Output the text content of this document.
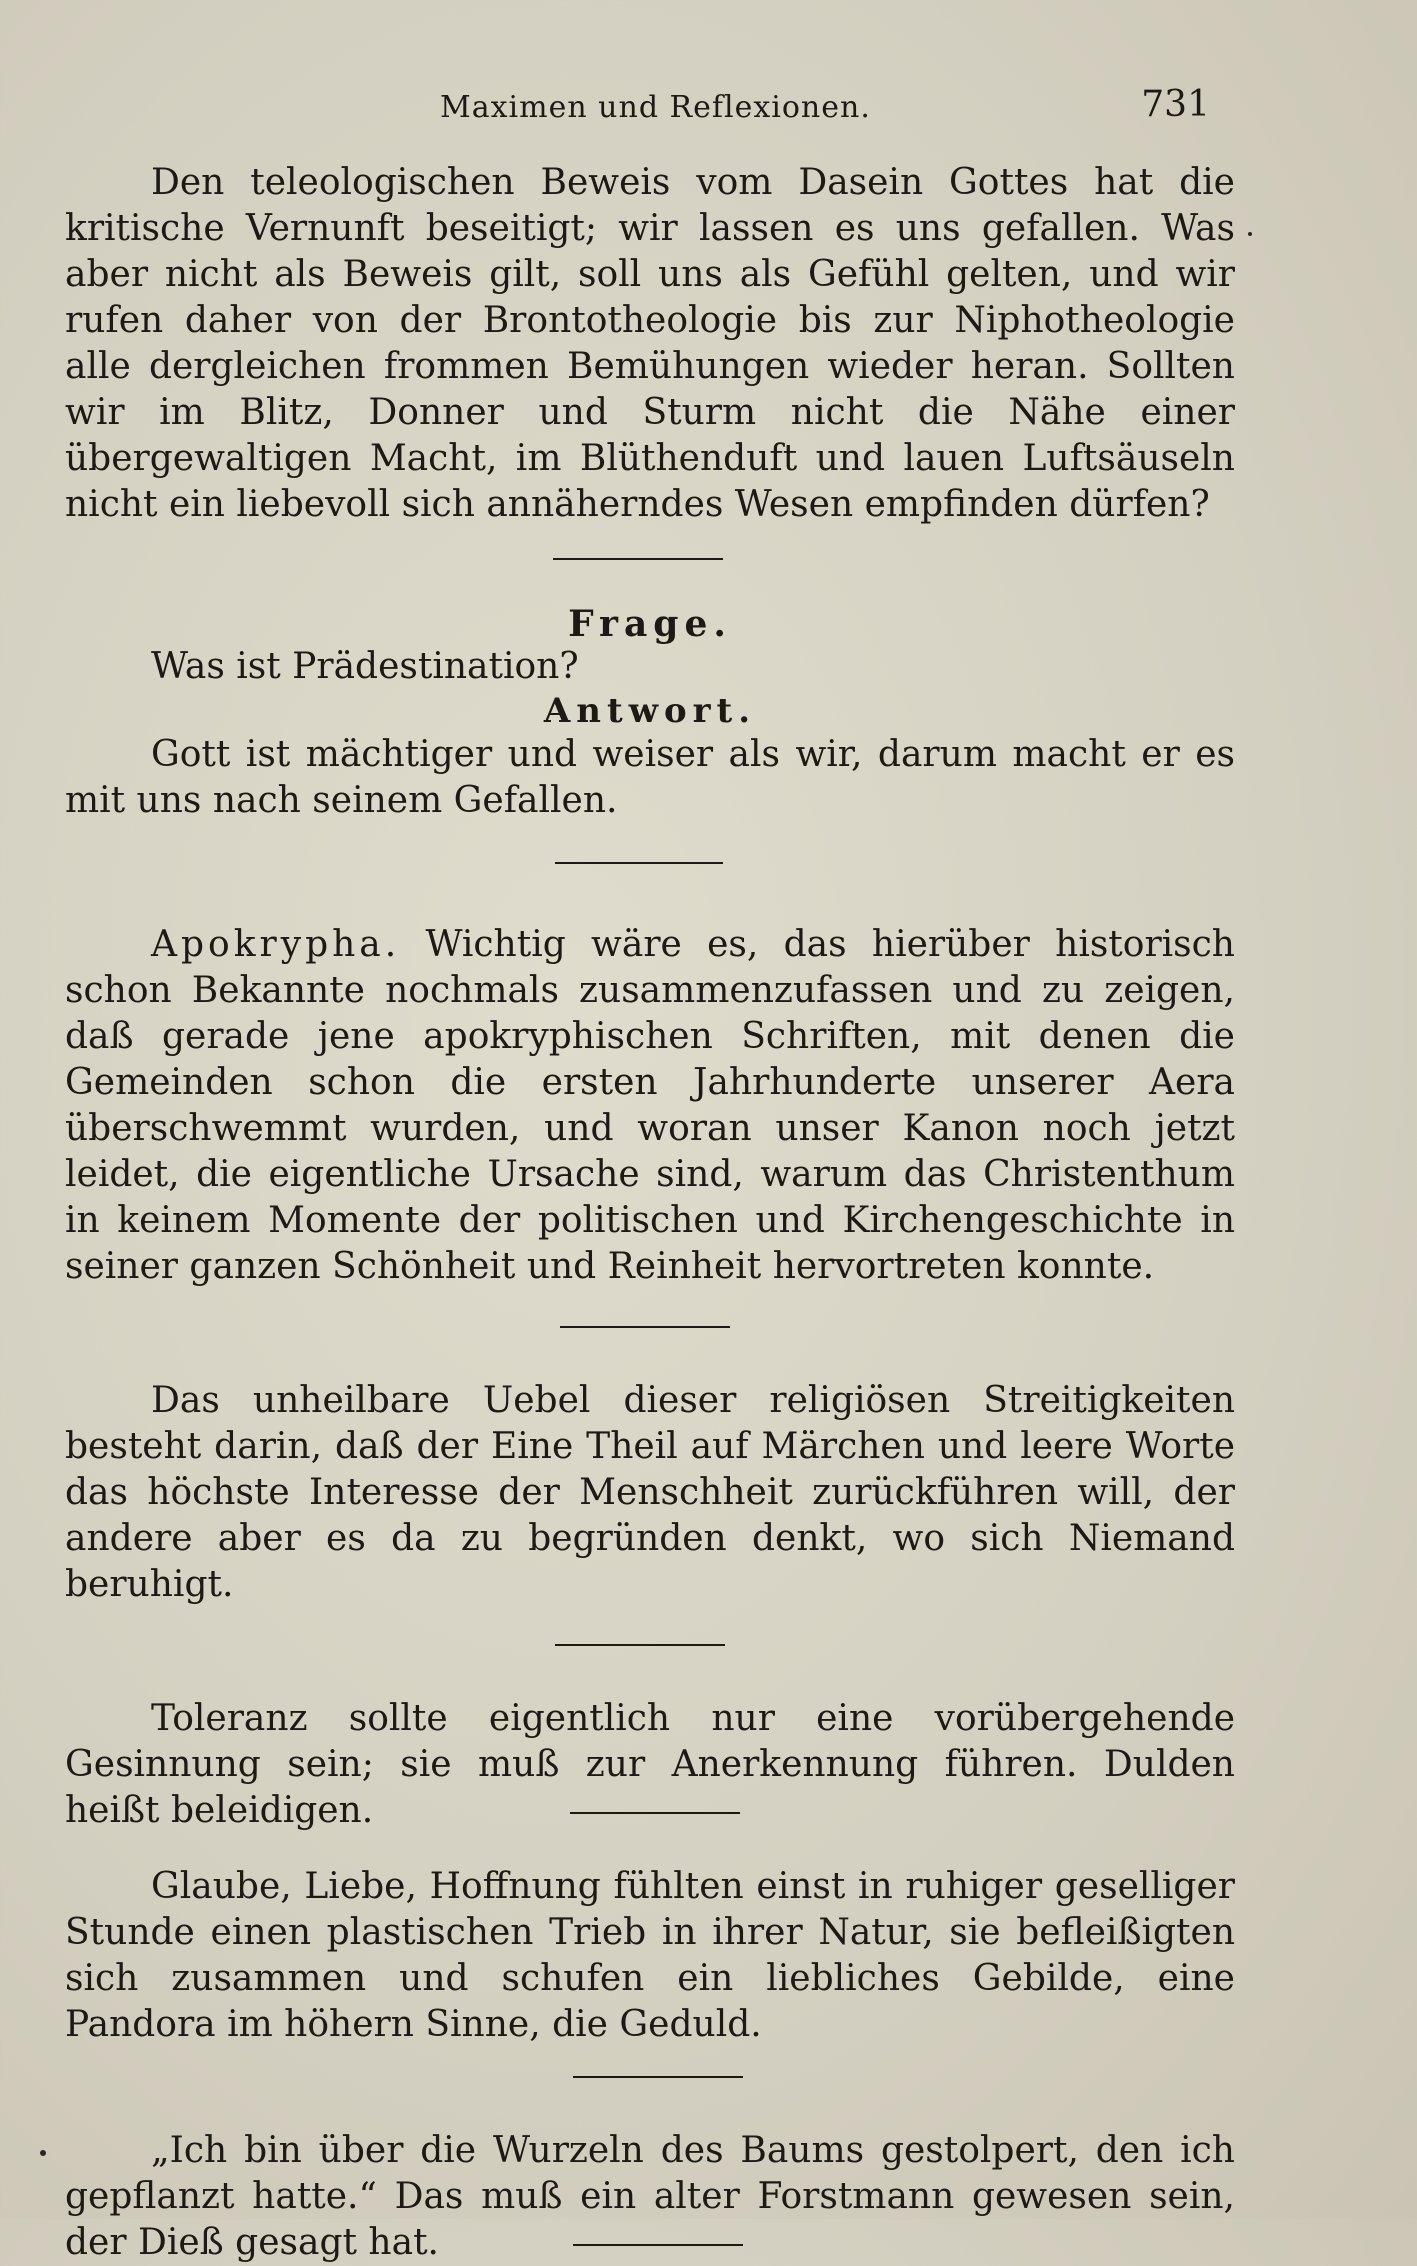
Maximen und Reflexionen.	731

Den teleologischen Beweis vom Dasein Gottes hat die kritische Vernunft beseitigt; wir lassen es uns gefallen. Was aber nicht als Beweis gilt, soll uns als Gefühl gelten, und wir rufen daher von der Brontotheologie bis zur Niphotheologie alle dergleichen frommen Bemühungen wieder heran. Sollten wir im Blitz, Donner und Sturm nicht die Nähe einer übergewaltigen Macht, im Blüthenduft und lauen Luftsäuseln nicht ein liebevoll sich annäherndes Wesen empfinden dürfen?

Frage.

Was ist Prädestination?

Antwort.

Gott ist mächtiger und weiser als wir, darum macht er es mit uns nach seinem Gefallen.

Apokrypha. Wichtig wäre es, das hierüber historisch schon Bekannte nochmals zusammenzufassen und zu zeigen, daß gerade jene apokryphischen Schriften, mit denen die Gemeinden schon die ersten Jahrhunderte unserer Aera überschwemmt wurden, und woran unser Kanon noch jetzt leidet, die eigentliche Ursache sind, warum das Christenthum in keinem Momente der politischen und Kirchengeschichte in seiner ganzen Schönheit und Reinheit hervortreten konnte.

Das unheilbare Uebel dieser religiösen Streitigkeiten besteht darin, daß der Eine Theil auf Märchen und leere Worte das höchste Interesse der Menschheit zurückführen will, der andere aber es da zu begründen denkt, wo sich Niemand beruhigt.

Toleranz sollte eigentlich nur eine vorübergehende Gesinnung sein; sie muß zur Anerkennung führen. Dulden heißt beleidigen.

Glaube, Liebe, Hoffnung fühlten einst in ruhiger geselliger Stunde einen plastischen Trieb in ihrer Natur, sie befleißigten sich zusammen und schufen ein liebliches Gebilde, eine Pandora im höhern Sinne, die Geduld.

„Ich bin über die Wurzeln des Baums gestolpert, den ich gepflanzt hatte.“ Das muß ein alter Forstmann gewesen sein, der Dieß gesagt hat.
